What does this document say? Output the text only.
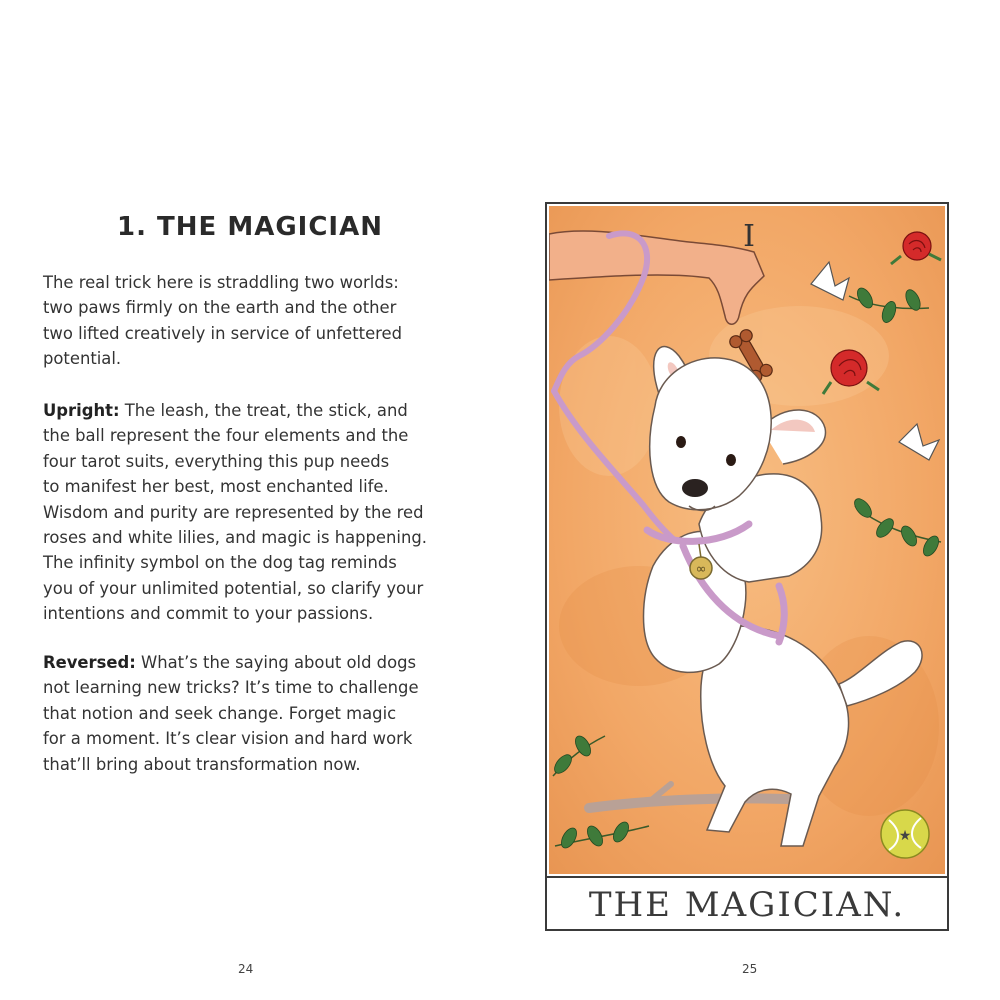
1. THE MAGICIAN
The real trick here is straddling two worlds:
two paws firmly on the earth and the other
two lifted creatively in service of unfettered
potential.
Upright: The leash, the treat, the stick, and
the ball represent the four elements and the
four tarot suits, everything this pup needs
to manifest her best, most enchanted life.
Wisdom and purity are represented by the red
roses and white lilies, and magic is happening.
The infinity symbol on the dog tag reminds
you of your unlimited potential, so clarify your
intentions and commit to your passions.
Reversed: What’s the saying about old dogs
not learning new tricks? It’s time to challenge
that notion and seek change. Forget magic
for a moment. It’s clear vision and hard work
that’ll bring about transformation now.
24
I
★
∞
THE MAGICIAN.
25
